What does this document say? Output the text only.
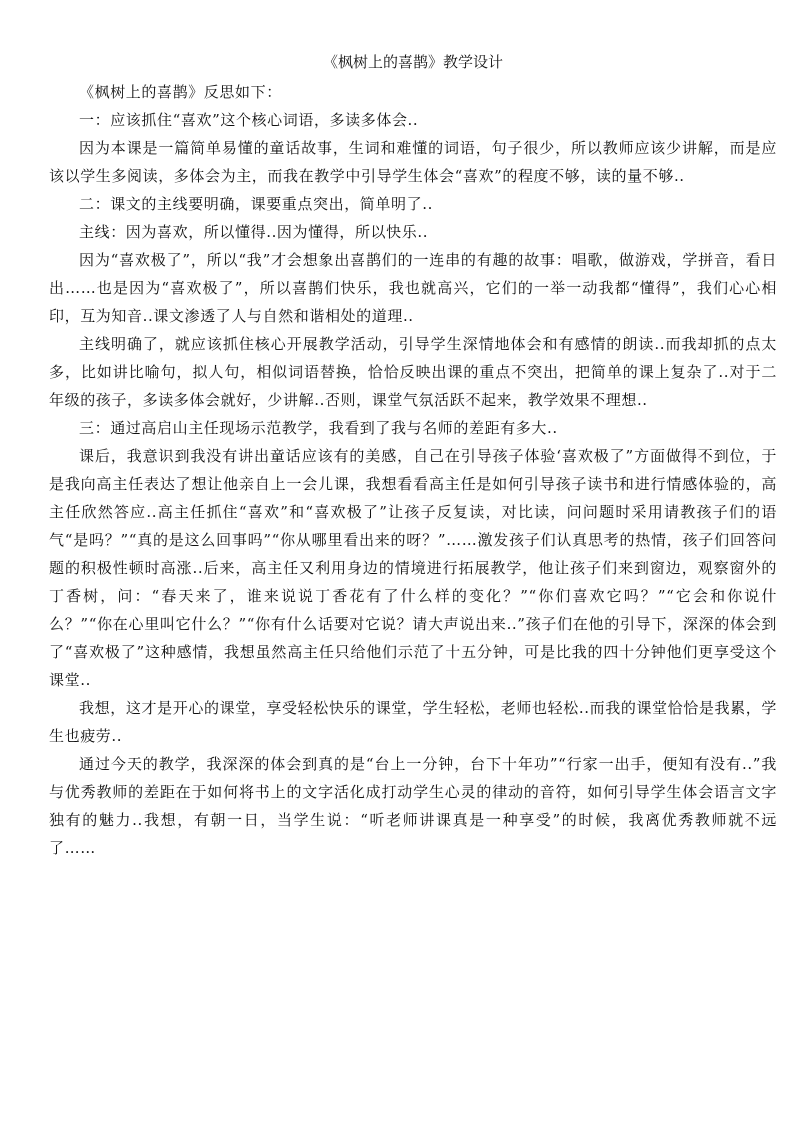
《枫树上的喜鹊》教学设计

《枫树上的喜鹊》反思如下：

一：应该抓住“喜欢”这个核心词语，多读多体会..

因为本课是一篇简单易懂的童话故事，生词和难懂的词语，句子很少，所以教师应该少讲解，而是应该以学生多阅读，多体会为主，而我在教学中引导学生体会“喜欢”的程度不够，读的量不够..

二：课文的主线要明确，课要重点突出，简单明了..

主线：因为喜欢，所以懂得..因为懂得，所以快乐..

因为“喜欢极了”，所以“我”才会想象出喜鹊们的一连串的有趣的故事：唱歌，做游戏，学拼音，看日出……也是因为“喜欢极了”，所以喜鹊们快乐，我也就高兴，它们的一举一动我都“懂得”，我们心心相印，互为知音..课文渗透了人与自然和谐相处的道理..

主线明确了，就应该抓住核心开展教学活动，引导学生深情地体会和有感情的朗读..而我却抓的点太多，比如讲比喻句，拟人句，相似词语替换，恰恰反映出课的重点不突出，把简单的课上复杂了..对于二年级的孩子，多读多体会就好，少讲解..否则，课堂气氛活跃不起来，教学效果不理想..

三：通过高启山主任现场示范教学，我看到了我与名师的差距有多大..

课后，我意识到我没有讲出童话应该有的美感，自己在引导孩子体验‘喜欢极了”方面做得不到位，于是我向高主任表达了想让他亲自上一会儿课，我想看看高主任是如何引导孩子读书和进行情感体验的，高主任欣然答应..高主任抓住“喜欢”和“喜欢极了”让孩子反复读，对比读，问问题时采用请教孩子们的语气“是吗？”“真的是这么回事吗”“你从哪里看出来的呀？”……激发孩子们认真思考的热情，孩子们回答问题的积极性顿时高涨..后来，高主任又利用身边的情境进行拓展教学，他让孩子们来到窗边，观察窗外的丁香树，问：“春天来了，谁来说说丁香花有了什么样的变化？”“你们喜欢它吗？”“它会和你说什么？”“你在心里叫它什么？”“你有什么话要对它说？请大声说出来..”孩子们在他的引导下，深深的体会到了“喜欢极了”这种感情，我想虽然高主任只给他们示范了十五分钟，可是比我的四十分钟他们更享受这个课堂..

我想，这才是开心的课堂，享受轻松快乐的课堂，学生轻松，老师也轻松..而我的课堂恰恰是我累，学生也疲劳..

通过今天的教学，我深深的体会到真的是“台上一分钟，台下十年功”“行家一出手，便知有没有..”我与优秀教师的差距在于如何将书上的文字活化成打动学生心灵的律动的音符，如何引导学生体会语言文字独有的魅力..我想，有朝一日，当学生说：“听老师讲课真是一种享受”的时候，我离优秀教师就不远了……
